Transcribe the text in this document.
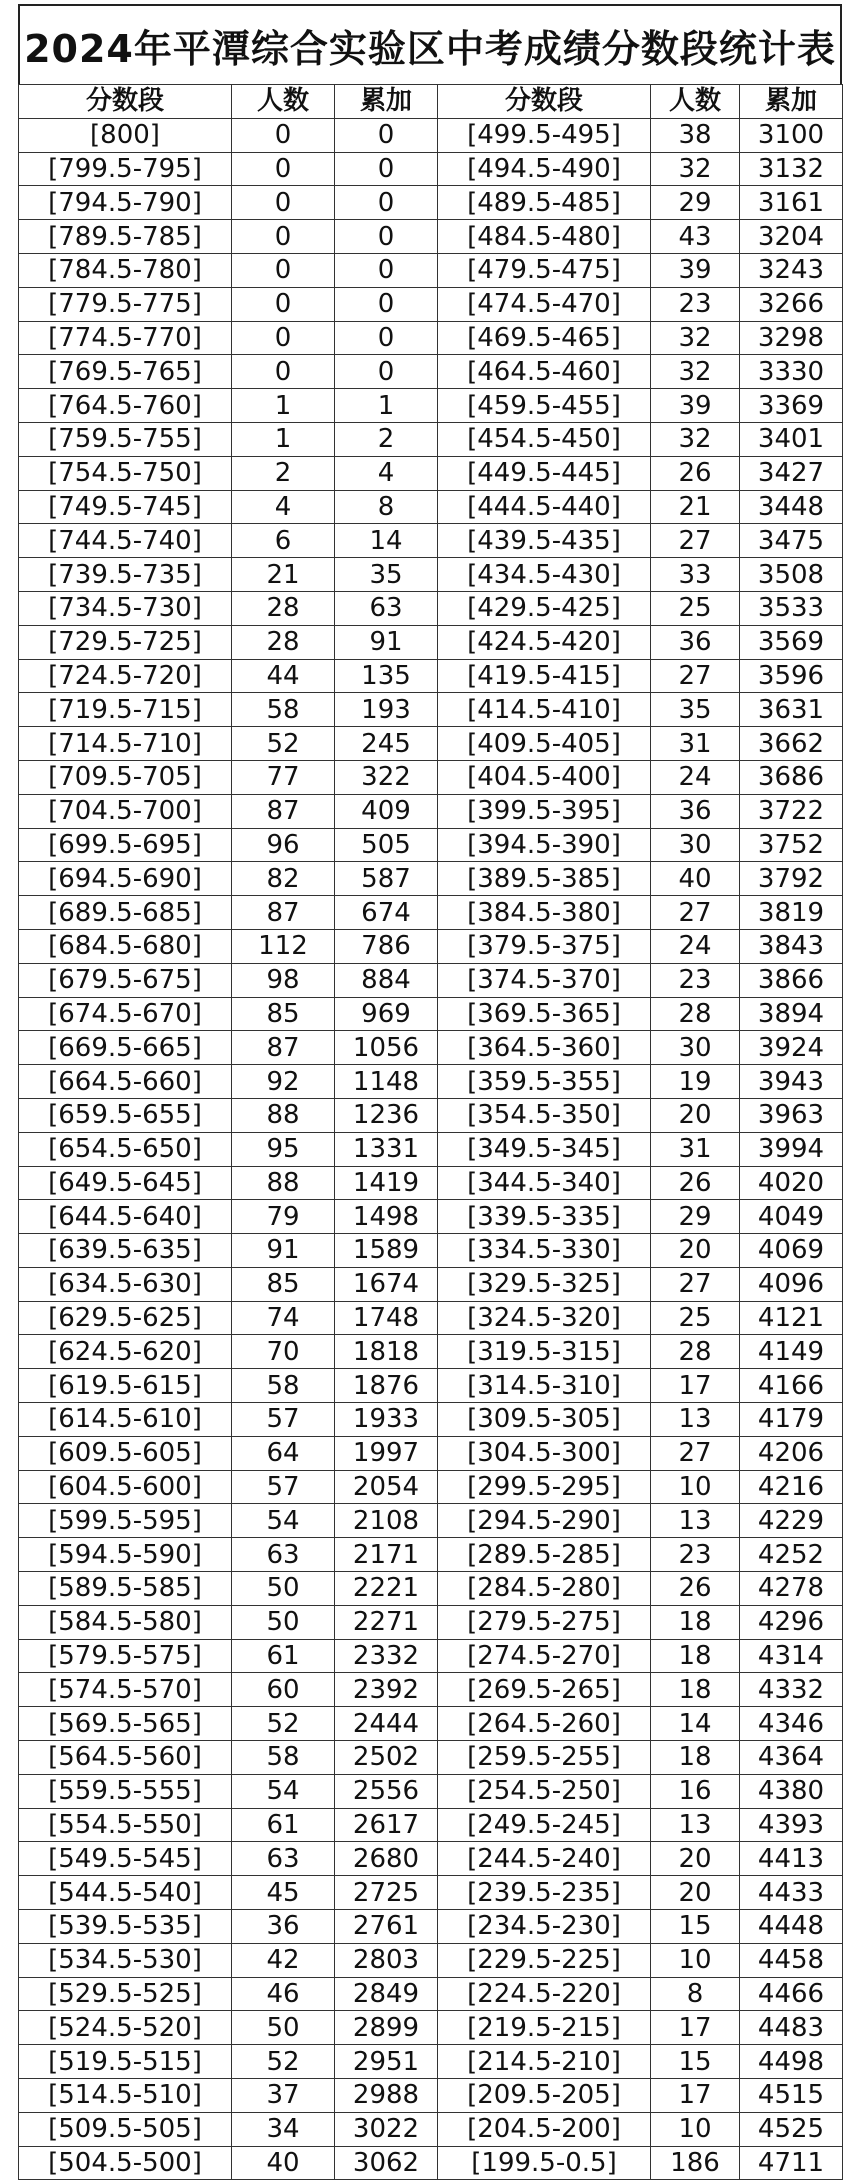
2024年平潭综合实验区中考成绩分数段统计表
分数段	人数	累加	分数段	人数	累加
[800]	0	0	[499.5-495]	38	3100
[799.5-795]	0	0	[494.5-490]	32	3132
[794.5-790]	0	0	[489.5-485]	29	3161
[789.5-785]	0	0	[484.5-480]	43	3204
[784.5-780]	0	0	[479.5-475]	39	3243
[779.5-775]	0	0	[474.5-470]	23	3266
[774.5-770]	0	0	[469.5-465]	32	3298
[769.5-765]	0	0	[464.5-460]	32	3330
[764.5-760]	1	1	[459.5-455]	39	3369
[759.5-755]	1	2	[454.5-450]	32	3401
[754.5-750]	2	4	[449.5-445]	26	3427
[749.5-745]	4	8	[444.5-440]	21	3448
[744.5-740]	6	14	[439.5-435]	27	3475
[739.5-735]	21	35	[434.5-430]	33	3508
[734.5-730]	28	63	[429.5-425]	25	3533
[729.5-725]	28	91	[424.5-420]	36	3569
[724.5-720]	44	135	[419.5-415]	27	3596
[719.5-715]	58	193	[414.5-410]	35	3631
[714.5-710]	52	245	[409.5-405]	31	3662
[709.5-705]	77	322	[404.5-400]	24	3686
[704.5-700]	87	409	[399.5-395]	36	3722
[699.5-695]	96	505	[394.5-390]	30	3752
[694.5-690]	82	587	[389.5-385]	40	3792
[689.5-685]	87	674	[384.5-380]	27	3819
[684.5-680]	112	786	[379.5-375]	24	3843
[679.5-675]	98	884	[374.5-370]	23	3866
[674.5-670]	85	969	[369.5-365]	28	3894
[669.5-665]	87	1056	[364.5-360]	30	3924
[664.5-660]	92	1148	[359.5-355]	19	3943
[659.5-655]	88	1236	[354.5-350]	20	3963
[654.5-650]	95	1331	[349.5-345]	31	3994
[649.5-645]	88	1419	[344.5-340]	26	4020
[644.5-640]	79	1498	[339.5-335]	29	4049
[639.5-635]	91	1589	[334.5-330]	20	4069
[634.5-630]	85	1674	[329.5-325]	27	4096
[629.5-625]	74	1748	[324.5-320]	25	4121
[624.5-620]	70	1818	[319.5-315]	28	4149
[619.5-615]	58	1876	[314.5-310]	17	4166
[614.5-610]	57	1933	[309.5-305]	13	4179
[609.5-605]	64	1997	[304.5-300]	27	4206
[604.5-600]	57	2054	[299.5-295]	10	4216
[599.5-595]	54	2108	[294.5-290]	13	4229
[594.5-590]	63	2171	[289.5-285]	23	4252
[589.5-585]	50	2221	[284.5-280]	26	4278
[584.5-580]	50	2271	[279.5-275]	18	4296
[579.5-575]	61	2332	[274.5-270]	18	4314
[574.5-570]	60	2392	[269.5-265]	18	4332
[569.5-565]	52	2444	[264.5-260]	14	4346
[564.5-560]	58	2502	[259.5-255]	18	4364
[559.5-555]	54	2556	[254.5-250]	16	4380
[554.5-550]	61	2617	[249.5-245]	13	4393
[549.5-545]	63	2680	[244.5-240]	20	4413
[544.5-540]	45	2725	[239.5-235]	20	4433
[539.5-535]	36	2761	[234.5-230]	15	4448
[534.5-530]	42	2803	[229.5-225]	10	4458
[529.5-525]	46	2849	[224.5-220]	8	4466
[524.5-520]	50	2899	[219.5-215]	17	4483
[519.5-515]	52	2951	[214.5-210]	15	4498
[514.5-510]	37	2988	[209.5-205]	17	4515
[509.5-505]	34	3022	[204.5-200]	10	4525
[504.5-500]	40	3062	[199.5-0.5]	186	4711
